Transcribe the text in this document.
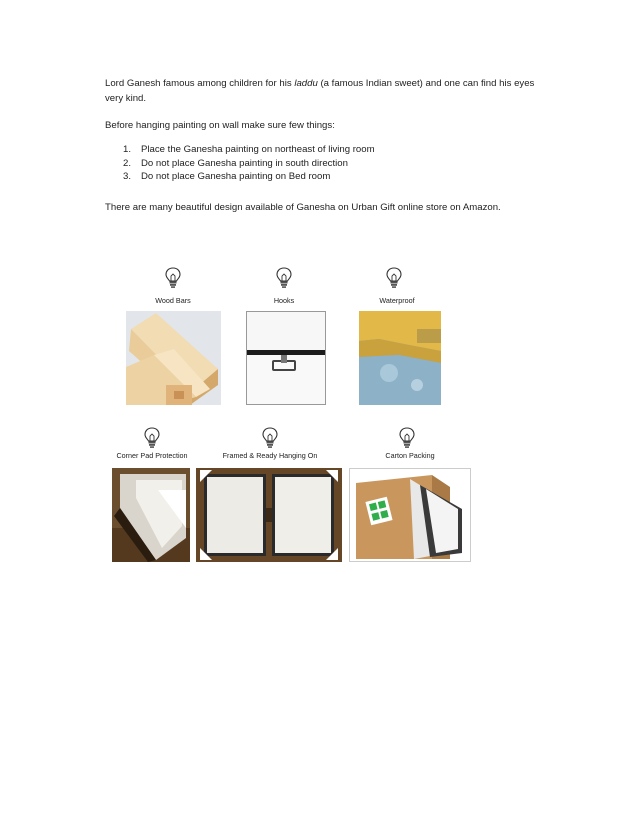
Lord Ganesh famous among children for his laddu (a famous Indian sweet) and one can find his eyes very kind.

Before hanging painting on wall make sure few things:

1. Place the Ganesha painting on northeast of living room
2. Do not place Ganesha painting in south direction
3. Do not place Ganesha painting on Bed room

There are many beautiful design available of Ganesha on Urban Gift online store on Amazon.

Wood Bars	Hooks	Waterproof
Corner Pad Protection	Framed & Ready Hanging On	Carton Packing
